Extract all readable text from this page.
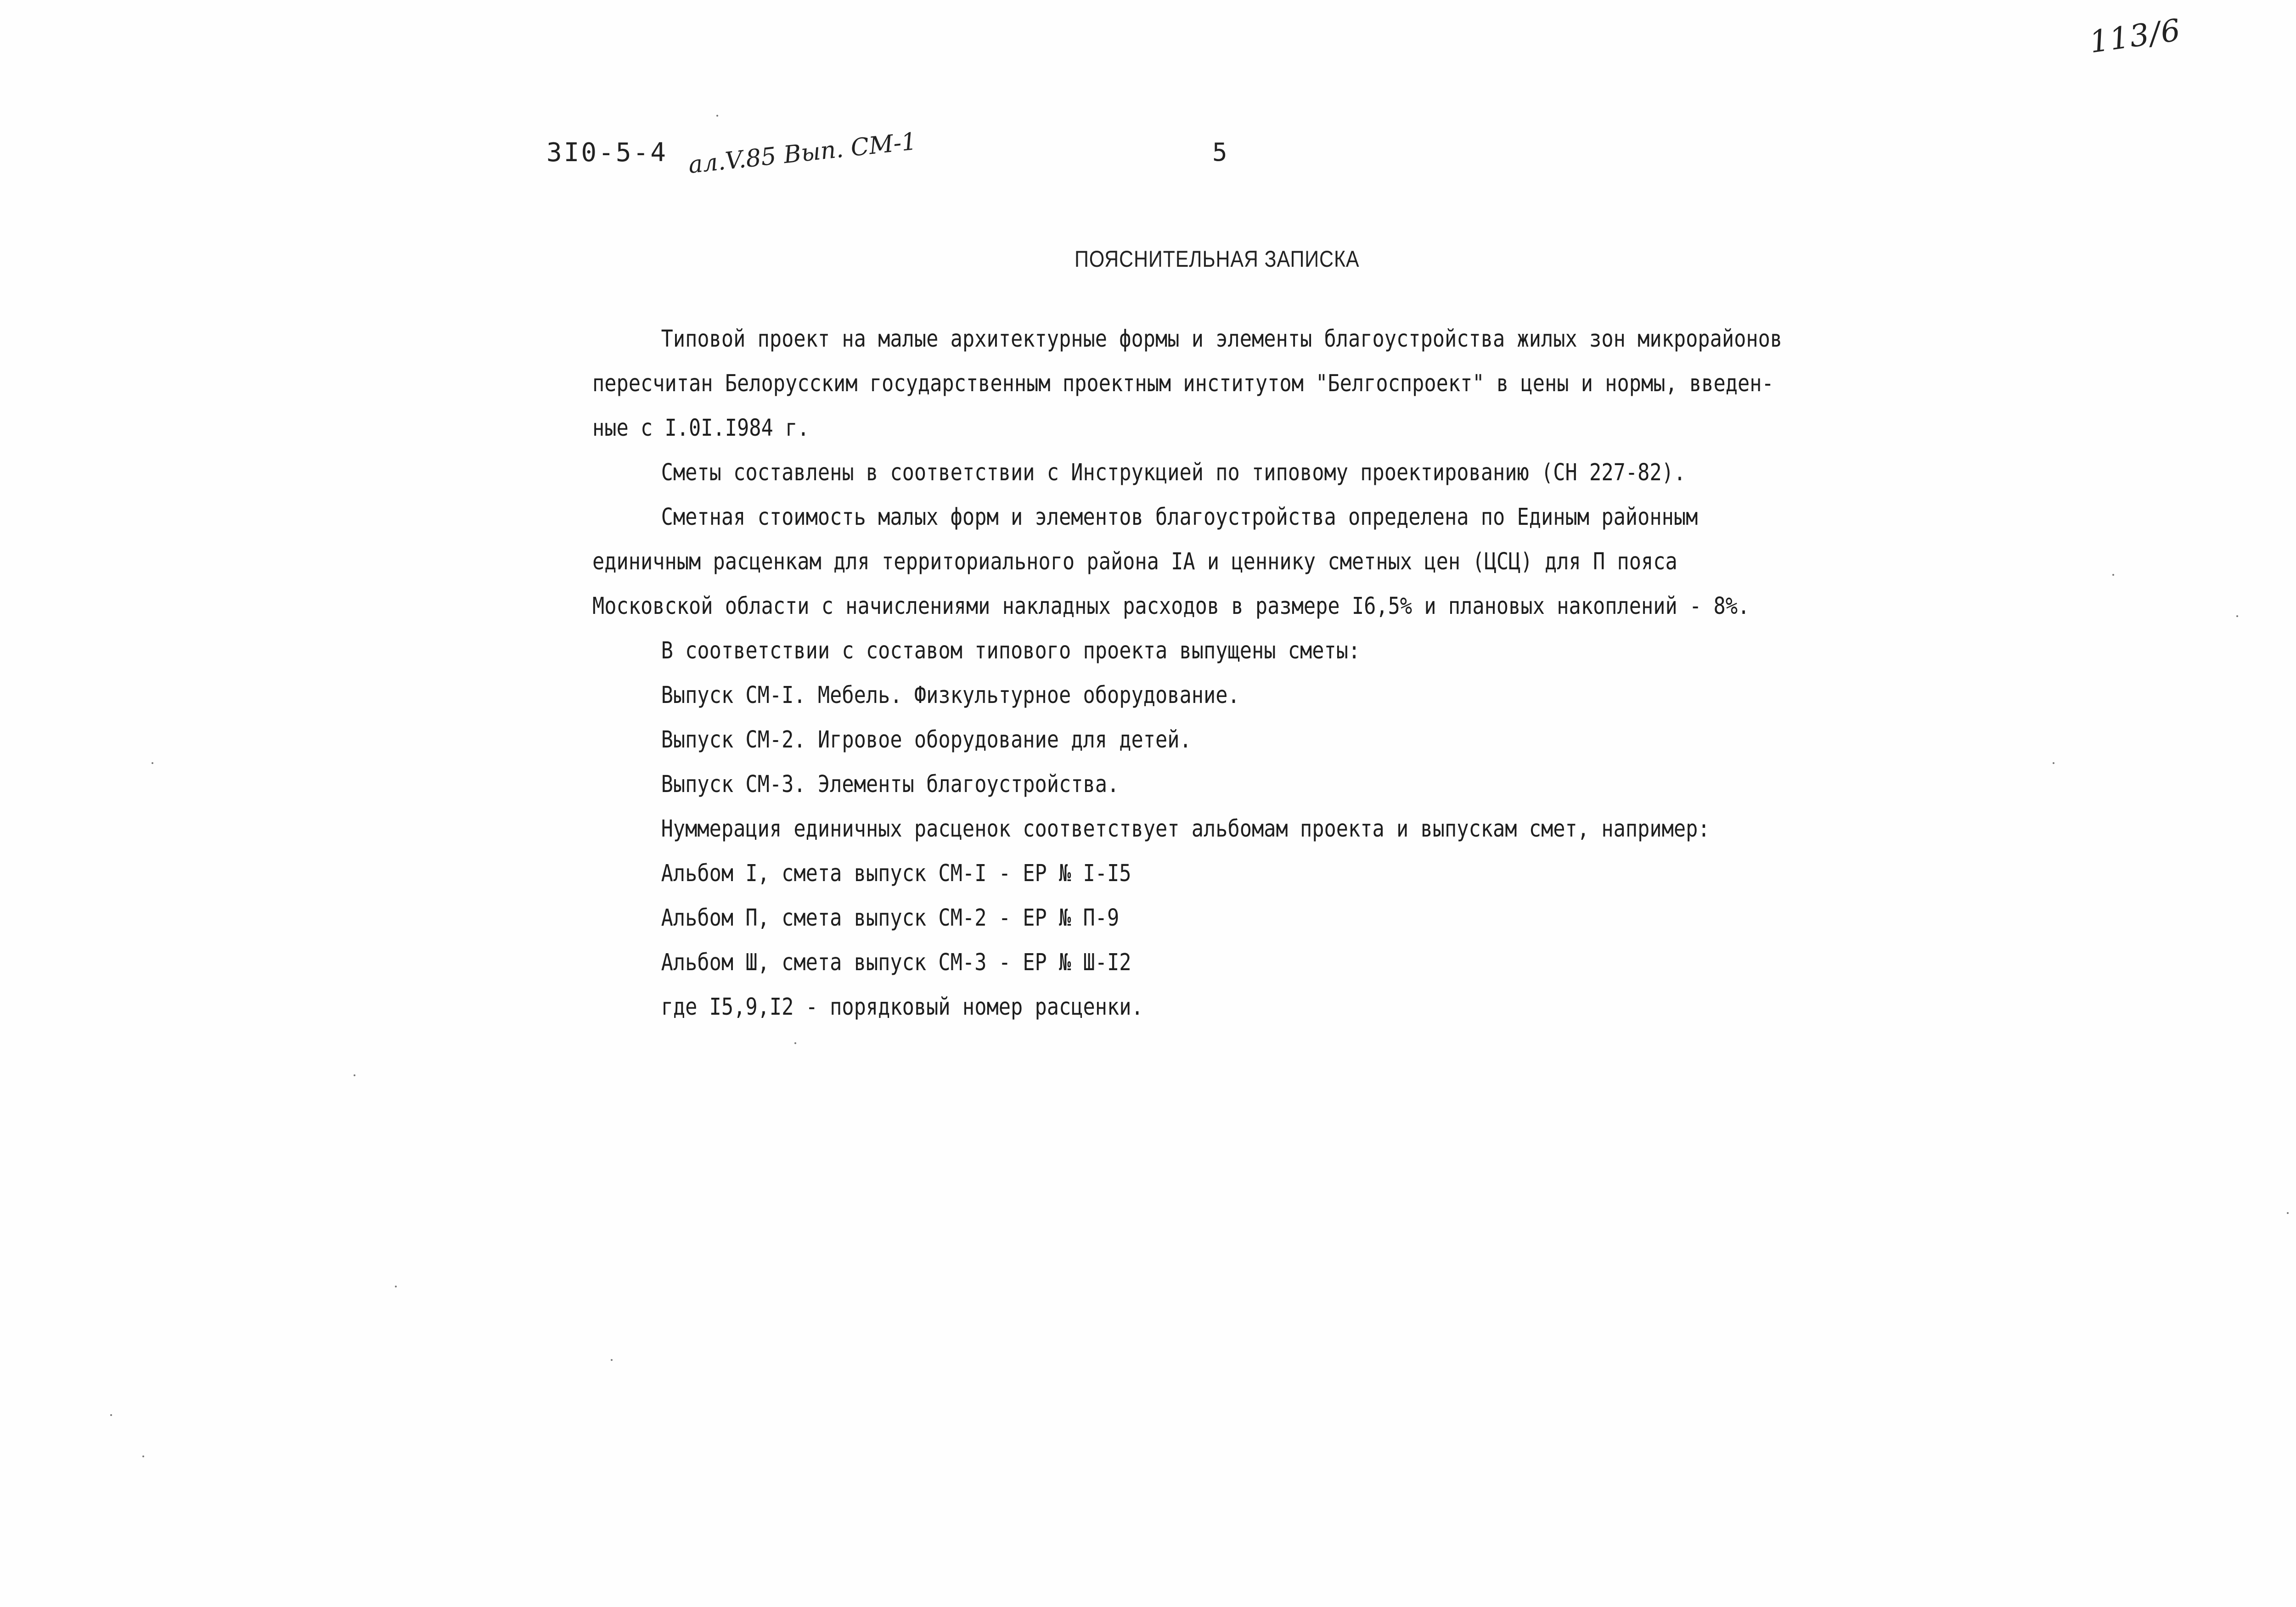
113/6
3I0-5-4 ал.V.85 Вып. СМ-1	5
ПОЯСНИТЕЛЬНАЯ ЗАПИСКА
Типовой проект на малые архитектурные формы и элементы благоустройства жилых зон микрорайонов
пересчитан Белорусским государственным проектным институтом "Белгоспроект" в цены и нормы, введен-
ные с I.0I.I984 г.
Сметы составлены в соответствии с Инструкцией по типовому проектированию (СН 227-82).
Сметная стоимость малых форм и элементов благоустройства определена по Единым районным
единичным расценкам для территориального района IА и ценнику сметных цен (ЦСЦ) для П пояса
Московской области с начислениями накладных расходов в размере I6,5% и плановых накоплений - 8%.
В соответствии с составом типового проекта выпущены сметы:
Выпуск СМ-I. Мебель. Физкультурное оборудование.
Выпуск СМ-2. Игровое оборудование для детей.
Выпуск СМ-3. Элементы благоустройства.
Нуммерация единичных расценок соответствует альбомам проекта и выпускам смет, например:
Альбом I, смета выпуск СМ-I - ЕР № I-I5
Альбом П, смета выпуск СМ-2 - ЕР № П-9
Альбом Ш, смета выпуск СМ-3 - ЕР № Ш-I2
где I5,9,I2 - порядковый номер расценки.
